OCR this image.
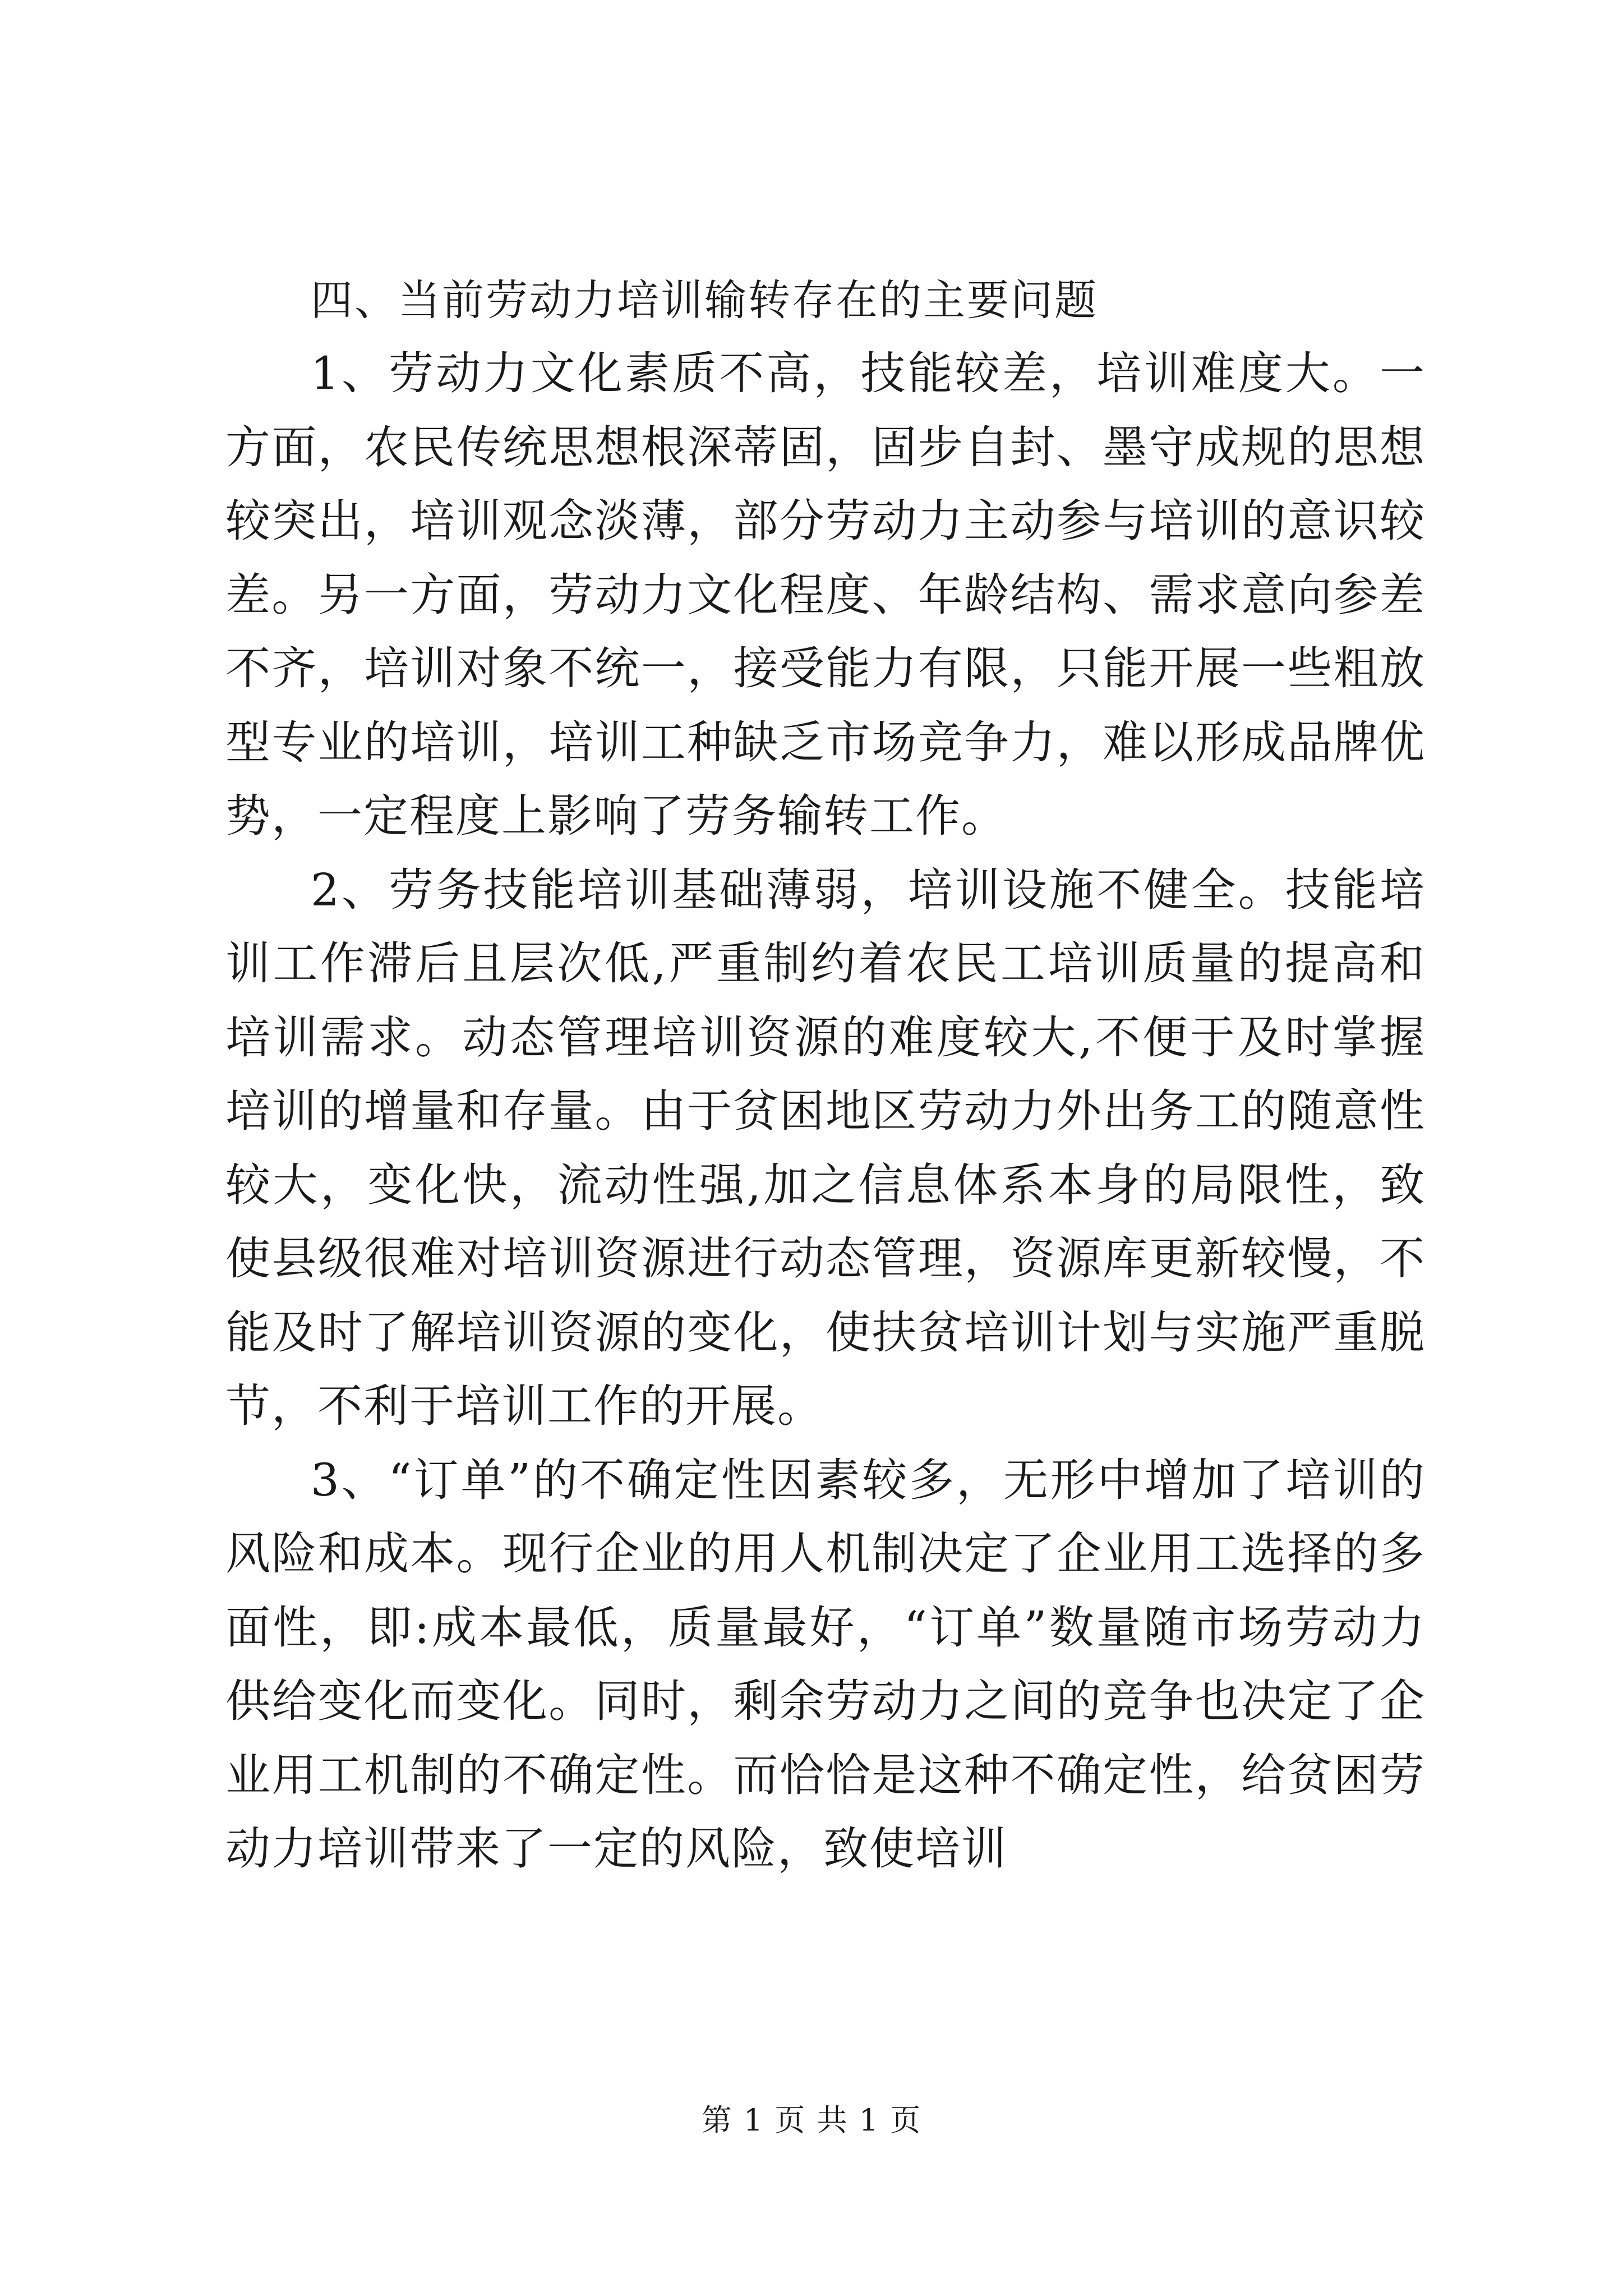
四、当前劳动力培训输转存在的主要问题

1、劳动力文化素质不高，技能较差，培训难度大。一方面，农民传统思想根深蒂固，固步自封、墨守成规的思想较突出，培训观念淡薄，部分劳动力主动参与培训的意识较差。另一方面，劳动力文化程度、年龄结构、需求意向参差不齐，培训对象不统一，接受能力有限，只能开展一些粗放型专业的培训，培训工种缺乏市场竞争力，难以形成品牌优势，一定程度上影响了劳务输转工作。

2、劳务技能培训基础薄弱，培训设施不健全。技能培训工作滞后且层次低,严重制约着农民工培训质量的提高和培训需求。动态管理培训资源的难度较大,不便于及时掌握培训的增量和存量。由于贫困地区劳动力外出务工的随意性较大，变化快，流动性强,加之信息体系本身的局限性，致使县级很难对培训资源进行动态管理，资源库更新较慢，不能及时了解培训资源的变化，使扶贫培训计划与实施严重脱节，不利于培训工作的开展。

3、“订单”的不确定性因素较多，无形中增加了培训的风险和成本。现行企业的用人机制决定了企业用工选择的多面性，即:成本最低，质量最好，“订单”数量随市场劳动力供给变化而变化。同时，剩余劳动力之间的竞争也决定了企业用工机制的不确定性。而恰恰是这种不确定性，给贫困劳动力培训带来了一定的风险，致使培训

第 1 页 共 1 页
